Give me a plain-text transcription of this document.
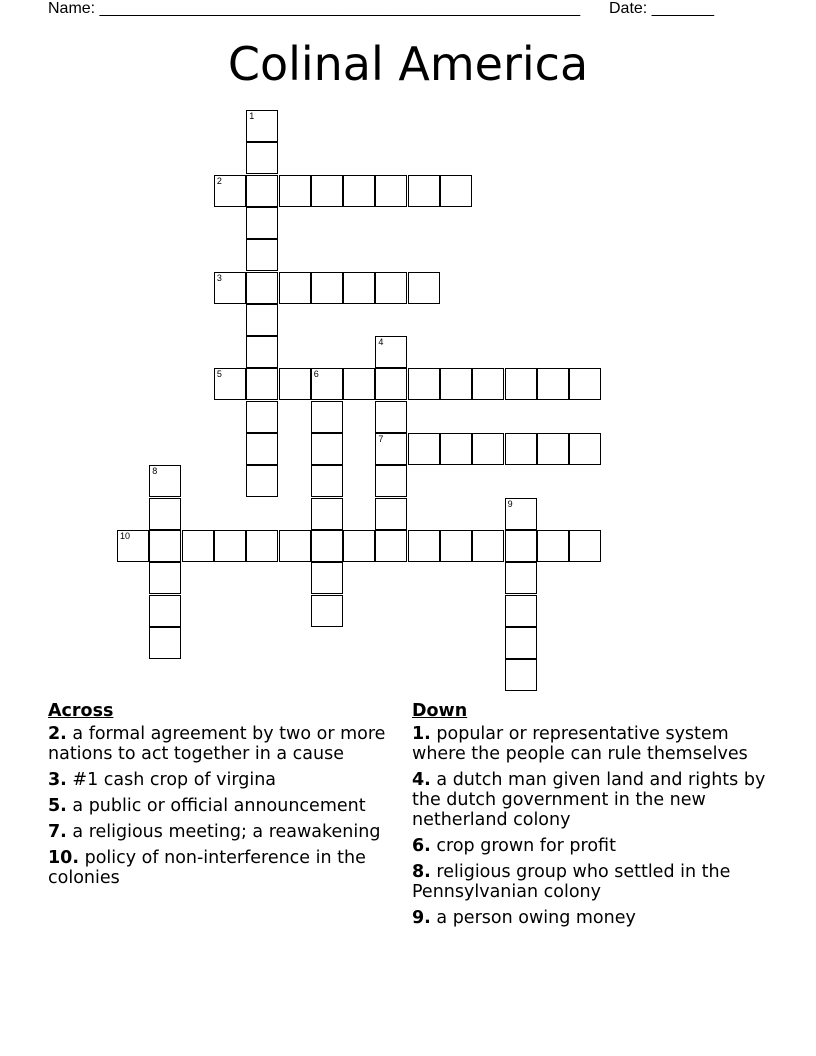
Name: ______________________________________________________ Date: _______
Colinal America
1
2
3
4
7
5	6
8
9
10
Across
2. a formal agreement by two or more nations to act together in a cause
3. #1 cash crop of virgina
5. a public or official announcement
7. a religious meeting; a reawakening
10. policy of non-interference in the colonies
Down
1. popular or representative system where the people can rule themselves
4. a dutch man given land and rights by the dutch government in the new netherland colony
6. crop grown for profit
8. religious group who settled in the Pennsylvanian colony
9. a person owing money
